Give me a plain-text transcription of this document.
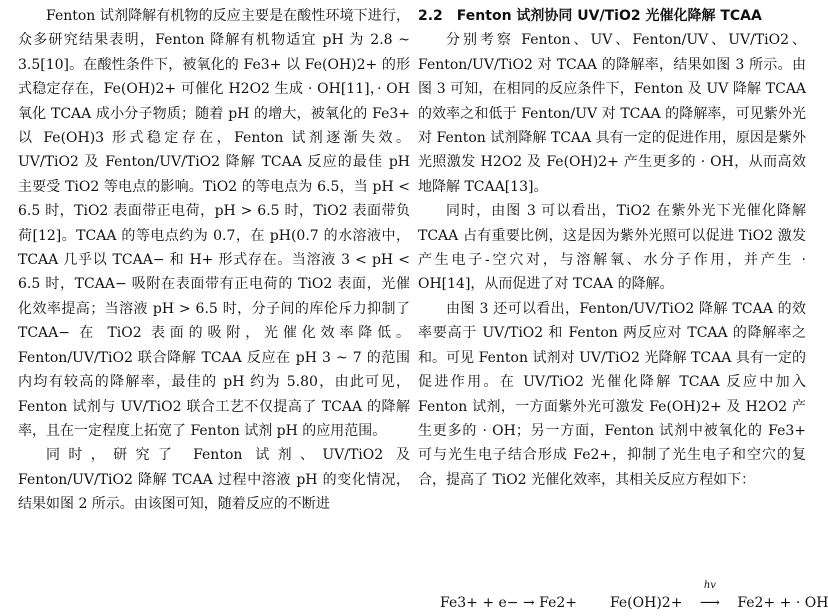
Fenton 试剂降解有机物的反应主要是在酸性环境下进行，众多研究结果表明，Fenton 降解有机物适宜 pH 为 2.8 ~ 3.5[10]。在酸性条件下，被氧化的 Fe3+ 以 Fe(OH)2+ 的形式稳定存在，Fe(OH)2+ 可催化 H2O2 生成 · OH[11]，· OH 氧化 TCAA 成小分子物质；随着 pH 的增大，被氧化的 Fe3+ 以 Fe(OH)3 形式稳定存在，Fenton 试剂逐渐失效。UV/TiO2 及 Fenton/UV/TiO2 降解 TCAA 反应的最佳 pH 主要受 TiO2 等电点的影响。TiO2 的等电点为 6.5，当 pH < 6.5 时，TiO2 表面带正电荷，pH > 6.5 时，TiO2 表面带负荷[12]。TCAA 的等电点约为 0.7，在 pH(0.7 的水溶液中，TCAA 几乎以 TCAA− 和 H+ 形式存在。当溶液 3 < pH < 6.5 时，TCAA− 吸附在表面带有正电荷的 TiO2 表面，光催化效率提高；当溶液 pH > 6.5 时，分子间的库伦斥力抑制了 TCAA− 在 TiO2 表面的吸附，光催化效率降低。Fenton/UV/TiO2 联合降解 TCAA 反应在 pH 3 ~ 7 的范围内均有较高的降解率，最佳的 pH 约为 5.80，由此可见，Fenton 试剂与 UV/TiO2 联合工艺不仅提高了 TCAA 的降解率，且在一定程度上拓宽了 Fenton 试剂 pH 的应用范围。

同时，研究了 Fenton 试剂、UV/TiO2 及 Fenton/UV/TiO2 降解 TCAA 过程中溶液 pH 的变化情况，结果如图 2 所示。由该图可知，随着反应的不断进

2.2　Fenton 试剂协同 UV/TiO2 光催化降解 TCAA

分别考察 Fenton、UV、Fenton/UV、UV/TiO2、Fenton/UV/TiO2 对 TCAA 的降解率，结果如图 3 所示。由图 3 可知，在相同的反应条件下，Fenton 及 UV 降解 TCAA 的效率之和低于 Fenton/UV 对 TCAA 的降解率，可见紫外光对 Fenton 试剂降解 TCAA 具有一定的促进作用，原因是紫外光照激发 H2O2 及 Fe(OH)2+ 产生更多的 · OH，从而高效地降解 TCAA[13]。

同时，由图 3 可以看出，TiO2 在紫外光下光催化降解 TCAA 占有重要比例，这是因为紫外光照可以促进 TiO2 激发产生电子-空穴对，与溶解氧、水分子作用，并产生 · OH[14]，从而促进了对 TCAA 的降解。

由图 3 还可以看出，Fenton/UV/TiO2 降解 TCAA 的效率要高于 UV/TiO2 和 Fenton 两反应对 TCAA 的降解率之和。可见 Fenton 试剂对 UV/TiO2 光降解 TCAA 具有一定的促进作用。在 UV/TiO2 光催化降解 TCAA 反应中加入 Fenton 试剂，一方面紫外光可激发 Fe(OH)2+ 及 H2O2 产生更多的 · OH；另一方面，Fenton 试剂中被氧化的 Fe3+ 可与光生电子结合形成 Fe2+，抑制了光生电子和空穴的复合，提高了 TiO2 光催化效率，其相关反应方程如下：

Fe3+ + e− → Fe2+ Fe(OH)2+
hv
⟶ Fe2+ + · OH
